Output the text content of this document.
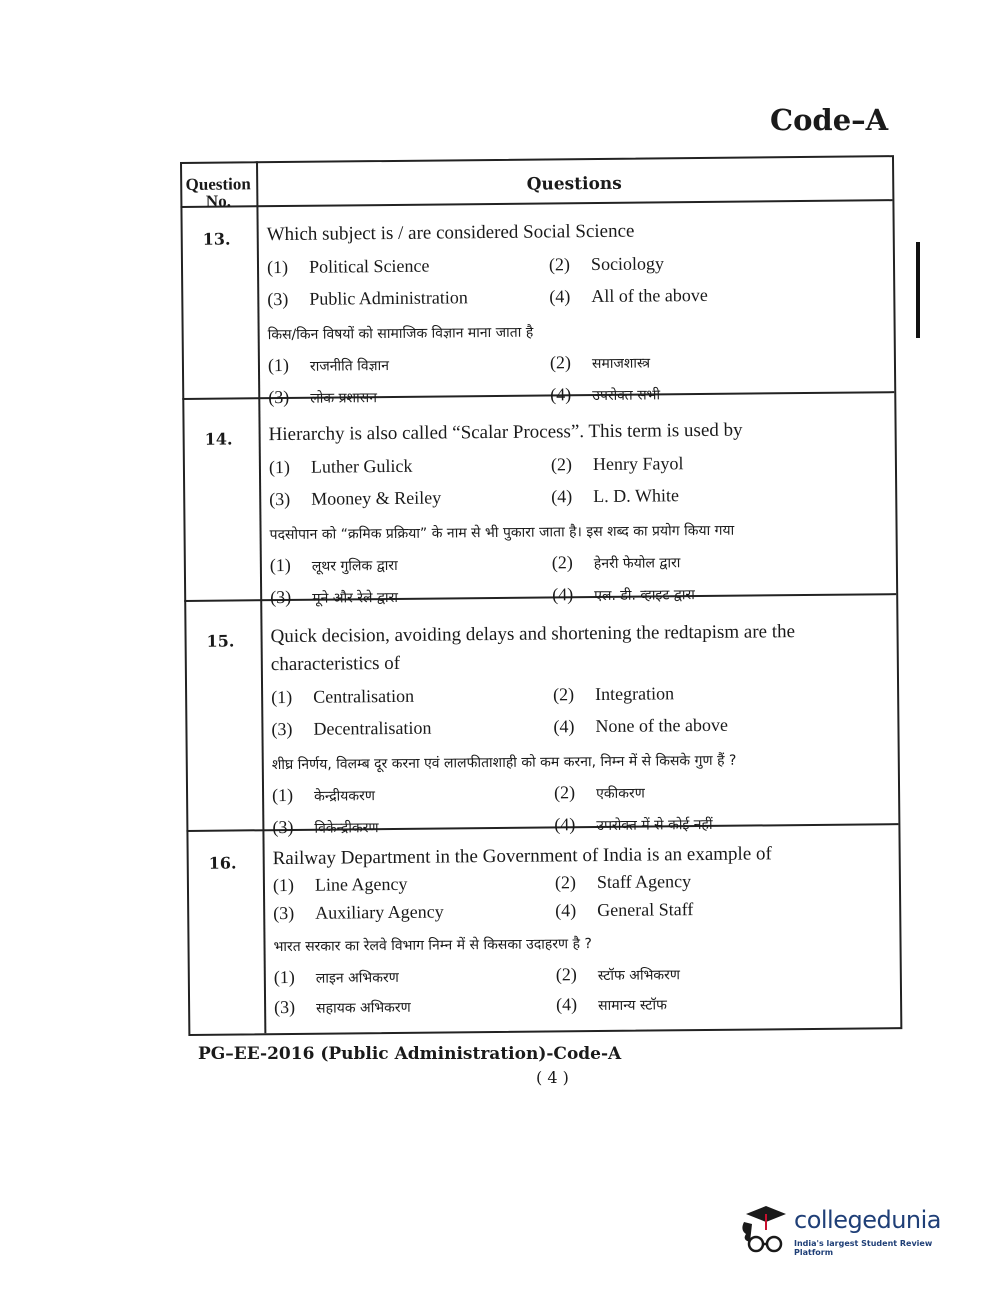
Code–A
Question No.
Questions
13. Which subject is / are considered Social Science
(1) Political Science	(2) Sociology
(3) Public Administration	(4) All of the above
किस/किन विषयों को सामाजिक विज्ञान माना जाता है
(1) राजनीति विज्ञान	(2) समाजशास्त्र
(3) लोक प्रशासन	(4) उपरोक्त सभी
14. Hierarchy is also called “Scalar Process”. This term is used by
(1) Luther Gulick	(2) Henry Fayol
(3) Mooney & Reiley	(4) L. D. White
पदसोपान को “क्रमिक प्रक्रिया” के नाम से भी पुकारा जाता है। इस शब्द का प्रयोग किया गया
(1) लूथर गुलिक द्वारा	(2) हेनरी फेयोल द्वारा
(3) मूने और रेले द्वारा	(4) एल. डी. व्हाइट द्वारा
15. Quick decision, avoiding delays and shortening the redtapism are the characteristics of
(1) Centralisation	(2) Integration
(3) Decentralisation	(4) None of the above
शीघ्र निर्णय, विलम्ब दूर करना एवं लालफीताशाही को कम करना, निम्न में से किसके गुण हैं ?
(1) केन्द्रीयकरण	(2) एकीकरण
(3) विकेन्द्रीकरण	(4) उपरोक्त में से कोई नहीं
16. Railway Department in the Government of India is an example of
(1) Line Agency	(2) Staff Agency
(3) Auxiliary Agency	(4) General Staff
भारत सरकार का रेलवे विभाग निम्न में से किसका उदाहरण है ?
(1) लाइन अभिकरण	(2) स्टॉफ अभिकरण
(3) सहायक अभिकरण	(4) सामान्य स्टॉफ
PG–EE-2016 (Public Administration)-Code-A
( 4 )
collegedunia
India's largest Student Review Platform
